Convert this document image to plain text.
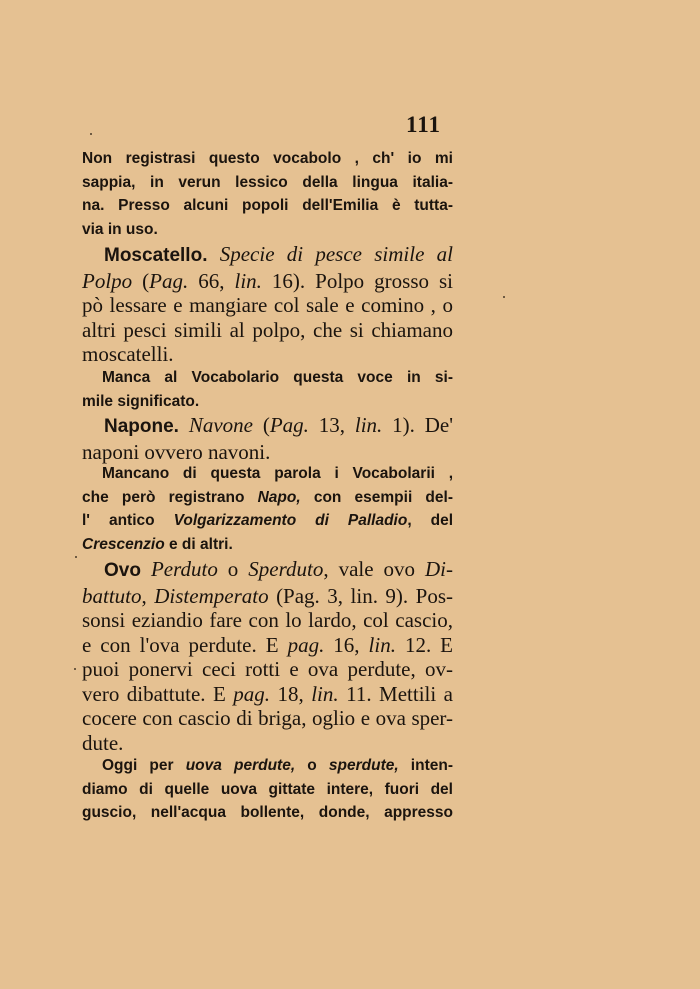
111
Non registrasi questo vocabolo , ch' io mi
sappia, in verun lessico della lingua italia-
na. Presso alcuni popoli dell'Emilia è tutta-
via in uso.
Moscatello. Specie di pesce simile al
Polpo (Pag. 66, lin. 16). Polpo grosso si
pò lessare e mangiare col sale e comino , o
altri pesci simili al polpo, che si chiamano
moscatelli.
Manca al Vocabolario questa voce in si-
mile significato.
Napone. Navone (Pag. 13, lin. 1). De'
naponi ovvero navoni.
Mancano di questa parola i Vocabolarii ,
che però registrano Napo, con esempii del-
l' antico Volgarizzamento di Palladio, del
Crescenzio e di altri.
Ovo Perduto o Sperduto, vale ovo Di-
battuto, Distemperato (Pag. 3, lin. 9). Pos-
sonsi eziandio fare con lo lardo, col cascio,
e con l'ova perdute. E pag. 16, lin. 12. E
puoi ponervi ceci rotti e ova perdute, ov-
vero dibattute. E pag. 18, lin. 11. Mettili a
cocere con cascio di briga, oglio e ova sper-
dute.
Oggi per uova perdute, o sperdute, inten-
diamo di quelle uova gittate intere, fuori del
guscio, nell'acqua bollente, donde, appresso
